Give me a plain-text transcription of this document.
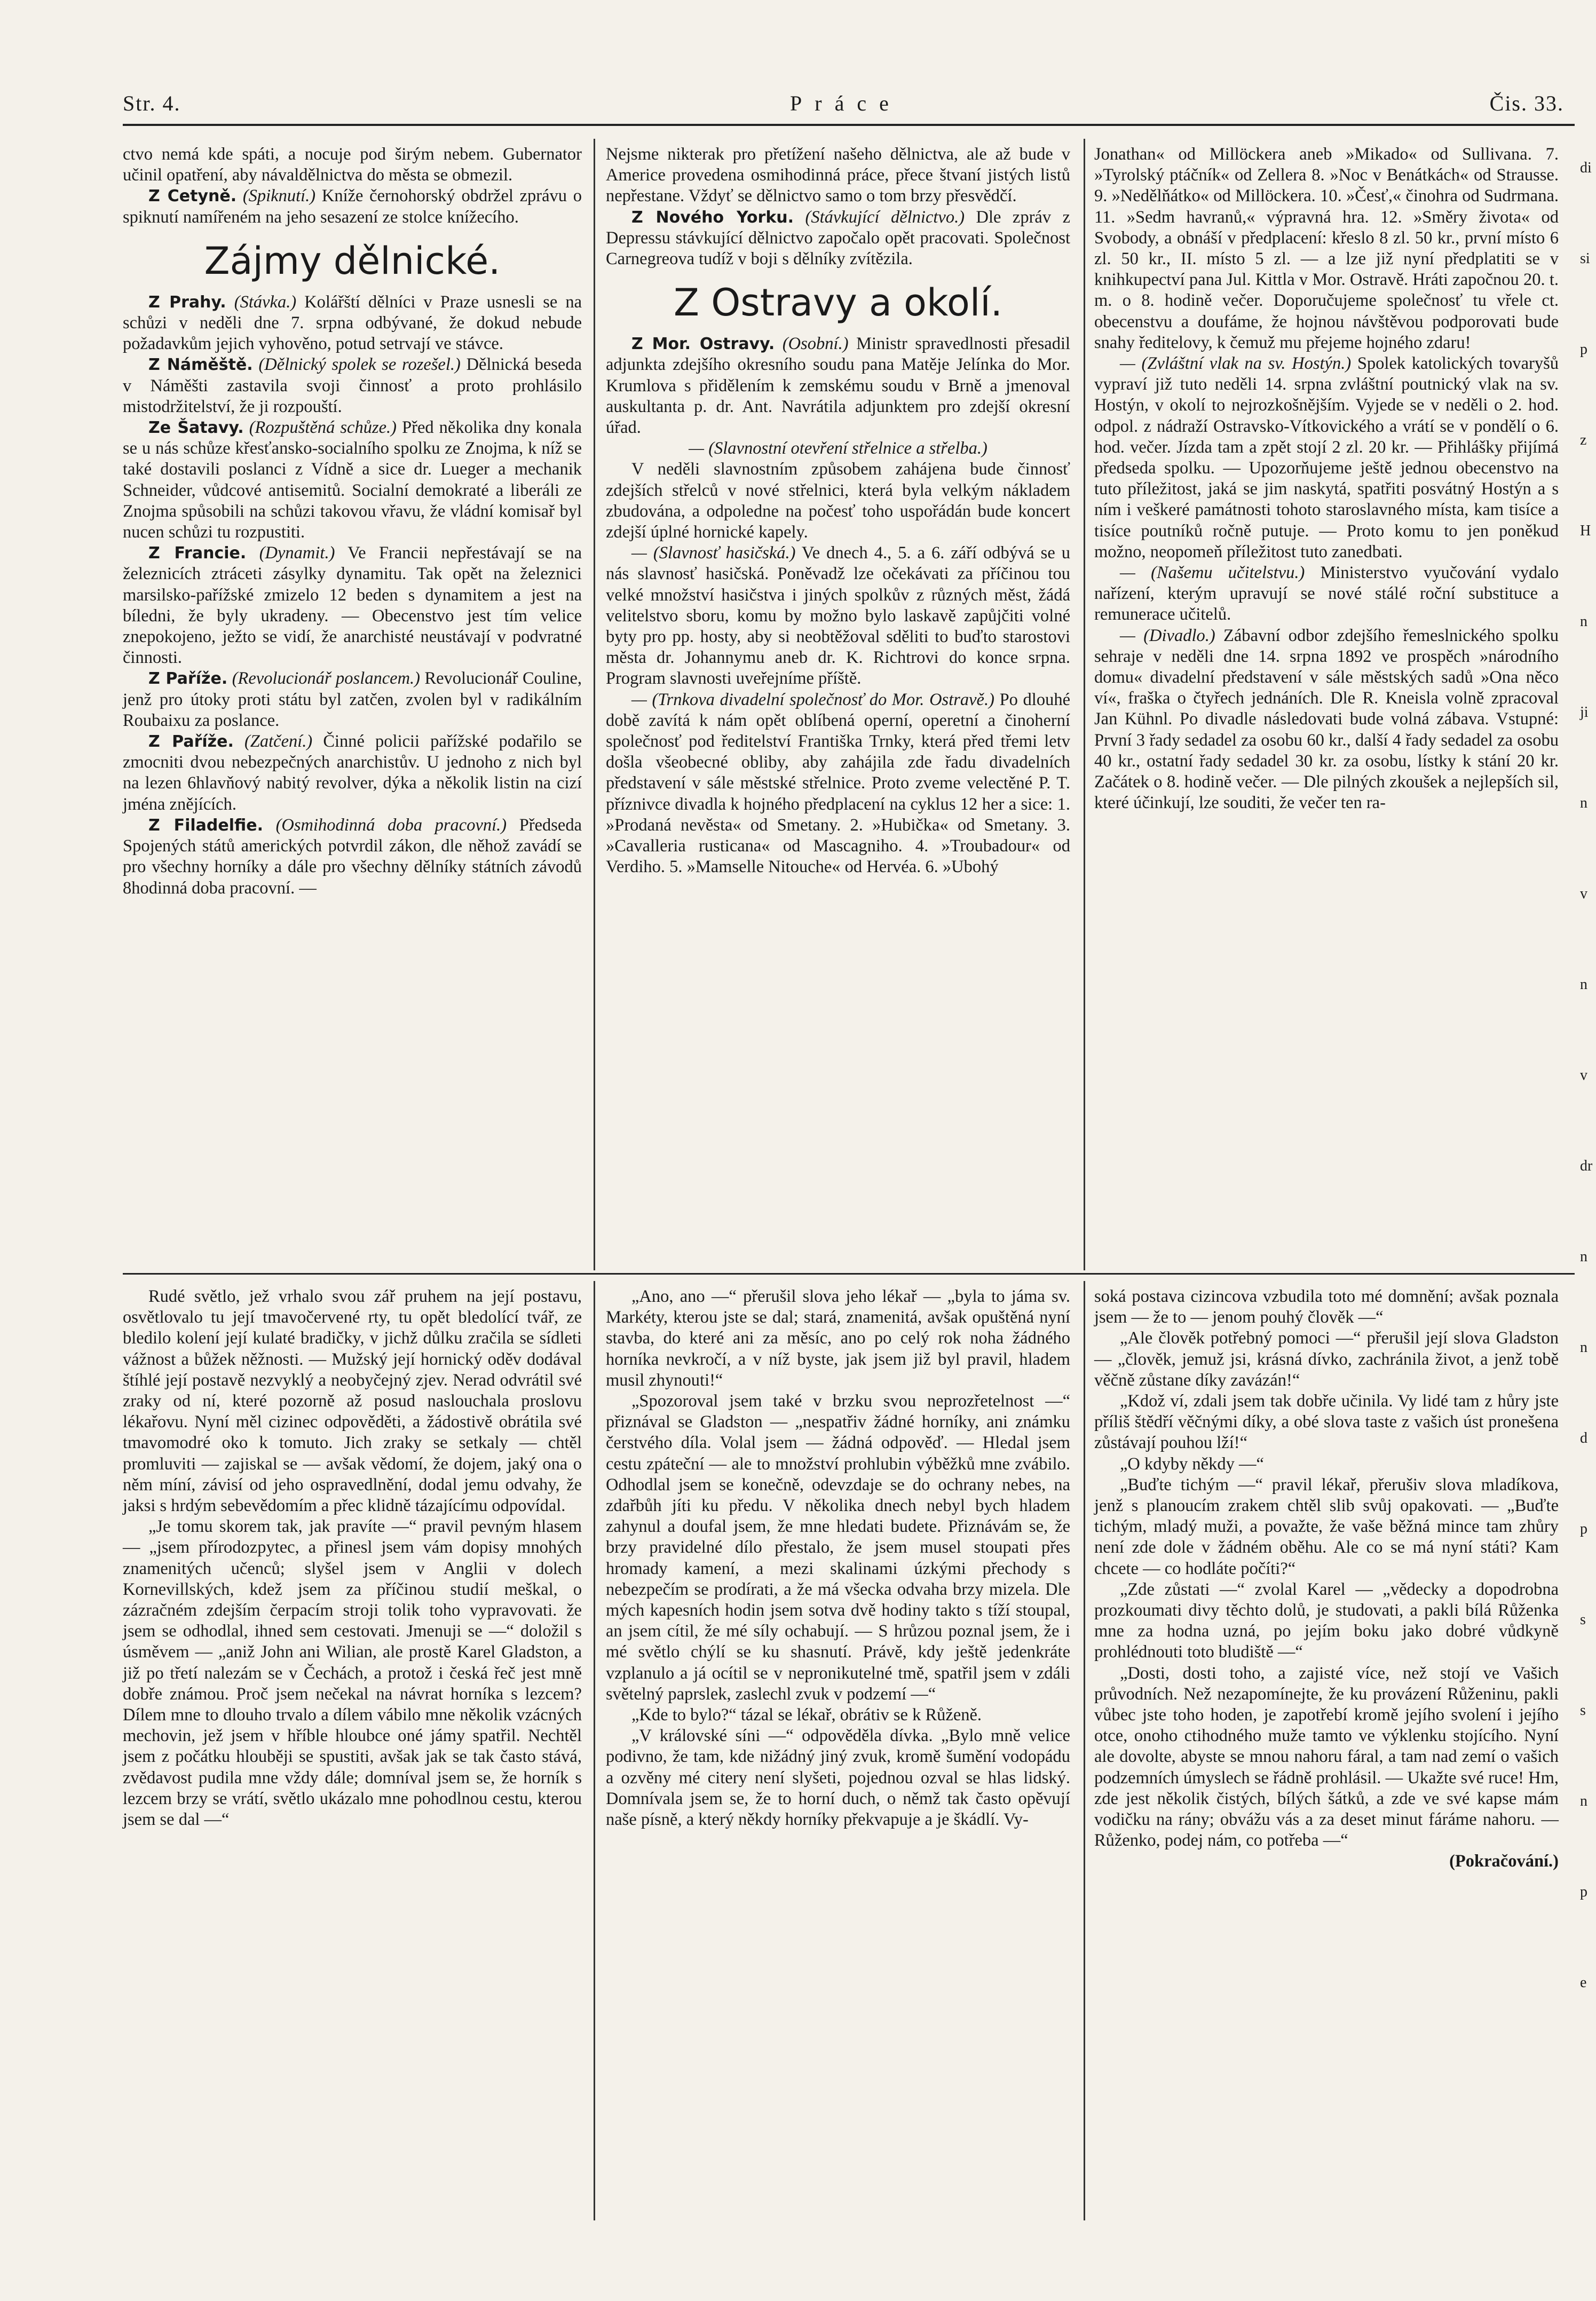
Str. 4.	Práce	Čis. 33.

ctvo nemá kde spáti, a nocuje pod širým nebem. Gubernator učinil opatření, aby návaldělnictva do města se obmezil.

Z Cetyně. (Spiknutí.) Kníže černohorský obdržel zprávu o spiknutí namířeném na jeho sesazení ze stolce knížecího.

Zájmy dělnické.

Z Prahy. (Stávka.) Kolářští dělníci v Praze usnesli se na schůzi v neděli dne 7. srpna odbývané, že dokud nebude požadavkům jejich vyhověno, potud setrvají ve stávce.

Z Náměště. (Dělnický spolek se rozešel.) Dělnická beseda v Náměšti zastavila svoji činnosť a proto prohlásilo mistodržitelství, že ji rozpouští.

Ze Šatavy. (Rozpuštěná schůze.) Před několika dny konala se u nás schůze křesťansko-socialního spolku ze Znojma, k níž se také dostavili poslanci z Vídně a sice dr. Lueger a mechanik Schneider, vůdcové antisemitů. Socialní demokraté a liberáli ze Znojma spůsobili na schůzi takovou vřavu, že vládní komisař byl nucen schůzi tu rozpustiti.

Z Francie. (Dynamit.) Ve Francii nepřestávají se na železnicích ztráceti zásylky dynamitu. Tak opět na železnici marsilsko-pařížské zmizelo 12 beden s dynamitem a jest na bíledni, že byly ukradeny. — Obecenstvo jest tím velice znepokojeno, ježto se vidí, že anarchisté neustávají v podvratné činnosti.

Z Paříže. (Revolucionář poslancem.) Revolucionář Couline, jenž pro útoky proti státu byl zatčen, zvolen byl v radikálním Roubaixu za poslance.

Z Paříže. (Zatčení.) Činné policii pařížské podařilo se zmocniti dvou nebezpečných anarchistův. U jednoho z nich byl na lezen 6hlavňový nabitý revolver, dýka a několik listin na cizí jména znějících.

Z Filadelfie. (Osmihodinná doba pracovní.) Předseda Spojených států amerických potvrdil zákon, dle něhož zavádí se pro všechny horníky a dále pro všechny dělníky státních závodů 8hodinná doba pracovní. —

Nejsme nikterak pro přetížení našeho dělnictva, ale až bude v Americe provedena osmihodinná práce, přece štvaní jistých listů nepřestane. Vždyť se dělnictvo samo o tom brzy přesvědčí.

Z Nového Yorku. (Stávkující dělnictvo.) Dle zpráv z Depressu stávkující dělnictvo započalo opět pracovati. Společnost Carnegreova tudíž v boji s dělníky zvítězila.

Z Ostravy a okolí.

Z Mor. Ostravy. (Osobní.) Ministr spravedlnosti přesadil adjunkta zdejšího okresního soudu pana Matěje Jelínka do Mor. Krumlova s přidělením k zemskému soudu v Brně a jmenoval auskultanta p. dr. Ant. Navrátila adjunktem pro zdejší okresní úřad.

— (Slavnostní otevření střelnice a střelba.)

V neděli slavnostním způsobem zahájena bude činnosť zdejších střelců v nové střelnici, která byla velkým nákladem zbudována, a odpoledne na počesť toho uspořádán bude koncert zdejší úplné hornické kapely.

— (Slavnosť hasičská.) Ve dnech 4., 5. a 6. září odbývá se u nás slavnosť hasičská. Poněvadž lze očekávati za příčinou tou velké množství hasičstva i jiných spolkův z různých měst, žádá velitelstvo sboru, komu by možno bylo laskavě zapůjčiti volné byty pro pp. hosty, aby si neobtěžoval sděliti to buďto starostovi města dr. Johannymu aneb dr. K. Richtrovi do konce srpna. Program slavnosti uveřejníme příště.

— (Trnkova divadelní společnosť do Mor. Ostravě.) Po dlouhé době zavítá k nám opět oblíbená operní, operetní a činoherní společnosť pod ředitelství Františka Trnky, která před třemi letv došla všeobecné obliby, aby zahájila zde řadu divadelních představení v sále městské střelnice. Proto zveme velectěné P. T. příznivce divadla k hojného předplacení na cyklus 12 her a sice: 1. »Prodaná nevěsta« od Smetany. 2. »Hubička« od Smetany. 3. »Cavalleria rusticana« od Mascagniho. 4. »Troubadour« od Verdiho. 5. »Mamselle Nitouche« od Hervéa. 6. »Ubohý

Jonathan« od Millöckera aneb »Mikado« od Sullivana. 7. »Tyrolský ptáčník« od Zellera 8. »Noc v Benátkách« od Strausse. 9. »Nedělňátko« od Millöckera. 10. »Česť,« činohra od Sudrmana. 11. »Sedm havranů,« výpravná hra. 12. »Směry života« od Svobody, a obnáší v předplacení: křeslo 8 zl. 50 kr., první místo 6 zl. 50 kr., II. místo 5 zl. — a lze již nyní předplatiti se v knihkupectví pana Jul. Kittla v Mor. Ostravě. Hráti započnou 20. t. m. o 8. hodině večer. Doporučujeme společnosť tu vřele ct. obecenstvu a doufáme, že hojnou návštěvou podporovati bude snahy ředitelovy, k čemuž mu přejeme hojného zdaru!

— (Zvláštní vlak na sv. Hostýn.) Spolek katolických tovaryšů vypraví již tuto neděli 14. srpna zvláštní poutnický vlak na sv. Hostýn, v okolí to nejrozkošnějším. Vyjede se v neděli o 2. hod. odpol. z nádraží Ostravsko-Vítkovického a vrátí se v pondělí o 6. hod. večer. Jízda tam a zpět stojí 2 zl. 20 kr. — Přihlášky přijímá předseda spolku. — Upozorňujeme ještě jednou obecenstvo na tuto příležitost, jaká se jim naskytá, spatřiti posvátný Hostýn a s ním i veškeré památnosti tohoto staroslavného místa, kam tisíce a tisíce poutníků ročně putuje. — Proto komu to jen poněkud možno, neopomeň příležitost tuto zanedbati.

— (Našemu učitelstvu.) Ministerstvo vyučování vydalo nařízení, kterým upravují se nové stálé roční substituce a remunerace učitelů.

— (Divadlo.) Zábavní odbor zdejšího řemeslnického spolku sehraje v neděli dne 14. srpna 1892 ve prospěch »národního domu« divadelní představení v sále městských sadů »Ona něco ví«, fraška o čtyřech jednáních. Dle R. Kneisla volně zpracoval Jan Kühnl. Po divadle následovati bude volná zábava. Vstupné: První 3 řady sedadel za osobu 60 kr., další 4 řady sedadel za osobu 40 kr., ostatní řady sedadel 30 kr. za osobu, lístky k stání 20 kr. Začátek o 8. hodině večer. — Dle pilných zkoušek a nejlepších sil, které účinkují, lze souditi, že večer ten ra-

Rudé světlo, jež vrhalo svou zář pruhem na její postavu, osvětlovalo tu její tmavočervené rty, tu opět bledolící tvář, ze bledilo kolení její kulaté bradičky, v jichž důlku zračila se sídleti vážnost a bůžek něžnosti. — Mužský její hornický oděv dodával štíhlé její postavě nezvyklý a neobyčejný zjev. Nerad odvrátil své zraky od ní, které pozorně až posud naslouchala proslovu lékařovu. Nyní měl cizinec odpověděti, a žádostivě obrátila své tmavomodré oko k tomuto. Jich zraky se setkaly — chtěl promluviti — zajiskal se — avšak vědomí, že dojem, jaký ona o něm míní, závisí od jeho ospravedlnění, dodal jemu odvahy, že jaksi s hrdým sebevědomím a přec klidně tázajícímu odpovídal.

„Je tomu skorem tak, jak pravíte —“ pravil pevným hlasem — „jsem přírodozpytec, a přinesl jsem vám dopisy mnohých znamenitých učenců; slyšel jsem v Anglii v dolech Kornevillských, kdež jsem za příčinou studií meškal, o zázračném zdejším čerpacím stroji tolik toho vypravovati. že jsem se odhodlal, ihned sem cestovati. Jmenuji se —“ doložil s úsměvem — „aniž John ani Wilian, ale prostě Karel Gladston, a již po třetí nalezám se v Čechách, a protož i česká řeč jest mně dobře známou. Proč jsem nečekal na návrat horníka s lezcem? Dílem mne to dlouho trvalo a dílem vábilo mne několik vzácných mechovin, jež jsem v hříble hloubce oné jámy spatřil. Nechtěl jsem z počátku hlouběji se spustiti, avšak jak se tak často stává, zvědavost pudila mne vždy dále; domníval jsem se, že horník s lezcem brzy se vrátí, světlo ukázalo mne pohodlnou cestu, kterou jsem se dal —“

„Ano, ano —“ přerušil slova jeho lékař — „byla to jáma sv. Markéty, kterou jste se dal; stará, znamenitá, avšak opuštěná nyní stavba, do které ani za měsíc, ano po celý rok noha žádného horníka nevkročí, a v níž byste, jak jsem již byl pravil, hladem musil zhynouti!“

„Spozoroval jsem také v brzku svou neprozřetelnost —“ přiznával se Gladston — „nespatřiv žádné horníky, ani známku čerstvého díla. Volal jsem — žádná odpověď. — Hledal jsem cestu zpáteční — ale to množství prohlubin výběžků mne zvábilo. Odhodlal jsem se konečně, odevzdaje se do ochrany nebes, na zdařbůh jíti ku předu. V několika dnech nebyl bych hladem zahynul a doufal jsem, že mne hledati budete. Přiznávám se, že brzy pravidelné dílo přestalo, že jsem musel stoupati přes hromady kamení, a mezi skalinami úzkými přechody s nebezpečím se prodírati, a že má všecka odvaha brzy mizela. Dle mých kapesních hodin jsem sotva dvě hodiny takto s tíží stoupal, an jsem cítil, že mé síly ochabují. — S hrůzou poznal jsem, že i mé světlo chýlí se ku shasnutí. Právě, kdy ještě jedenkráte vzplanulo a já ocítil se v nepronikutelné tmě, spatřil jsem v zdáli světelný paprslek, zaslechl zvuk v podzemí —“

„Kde to bylo?“ tázal se lékař, obrátiv se k Růženě.

„V královské síni —“ odpověděla dívka. „Bylo mně velice podivno, že tam, kde nižádný jiný zvuk, kromě šumění vodopádu a ozvěny mé citery není slyšeti, pojednou ozval se hlas lidský. Domnívala jsem se, že to horní duch, o němž tak často opěvují naše písně, a který někdy horníky překvapuje a je škádlí. Vy-

soká postava cizincova vzbudila toto mé domnění; avšak poznala jsem — že to — jenom pouhý člověk —“

„Ale člověk potřebný pomoci —“ přerušil její slova Gladston — „člověk, jemuž jsi, krásná dívko, zachránila život, a jenž tobě věčně zůstane díky zavázán!“

„Kdož ví, zdali jsem tak dobře učinila. Vy lidé tam z hůry jste příliš štědří věčnými díky, a obé slova taste z vašich úst pronešena zůstávají pouhou lží!“

„O kdyby někdy —“

„Buďte tichým —“ pravil lékař, přerušiv slova mladíkova, jenž s planoucím zrakem chtěl slib svůj opakovati. — „Buďte tichým, mladý muži, a považte, že vaše běžná mince tam zhůry není zde dole v žádném oběhu. Ale co se má nyní státi? Kam chcete — co hodláte počíti?“

„Zde zůstati —“ zvolal Karel — „vědecky a dopodrobna prozkoumati divy těchto dolů, je studovati, a pakli bílá Růženka mne za hodna uzná, po jejím boku jako dobré vůdkyně prohlédnouti toto bludiště —“

„Dosti, dosti toho, a zajisté více, než stojí ve Vašich průvodních. Než nezapomínejte, že ku provázení Růženinu, pakli vůbec jste toho hoden, je zapotřebí kromě jejího svolení i jejího otce, onoho ctihodného muže tamto ve výklenku stojícího. Nyní ale dovolte, abyste se mnou nahoru fáral, a tam nad zemí o vašich podzemních úmyslech se řádně prohlásil. — Ukažte své ruce! Hm, zde jest několik čistých, bílých šátků, a zde ve své kapse mám vodičku na rány; obvážu vás a za deset minut fáráme nahoru. — Růženko, podej nám, co potřeba —“

(Pokračování.)
di
si
p
z
H
n
ji
n
v
n
v
dr
n
n
d
p
s
s
n
p
e
